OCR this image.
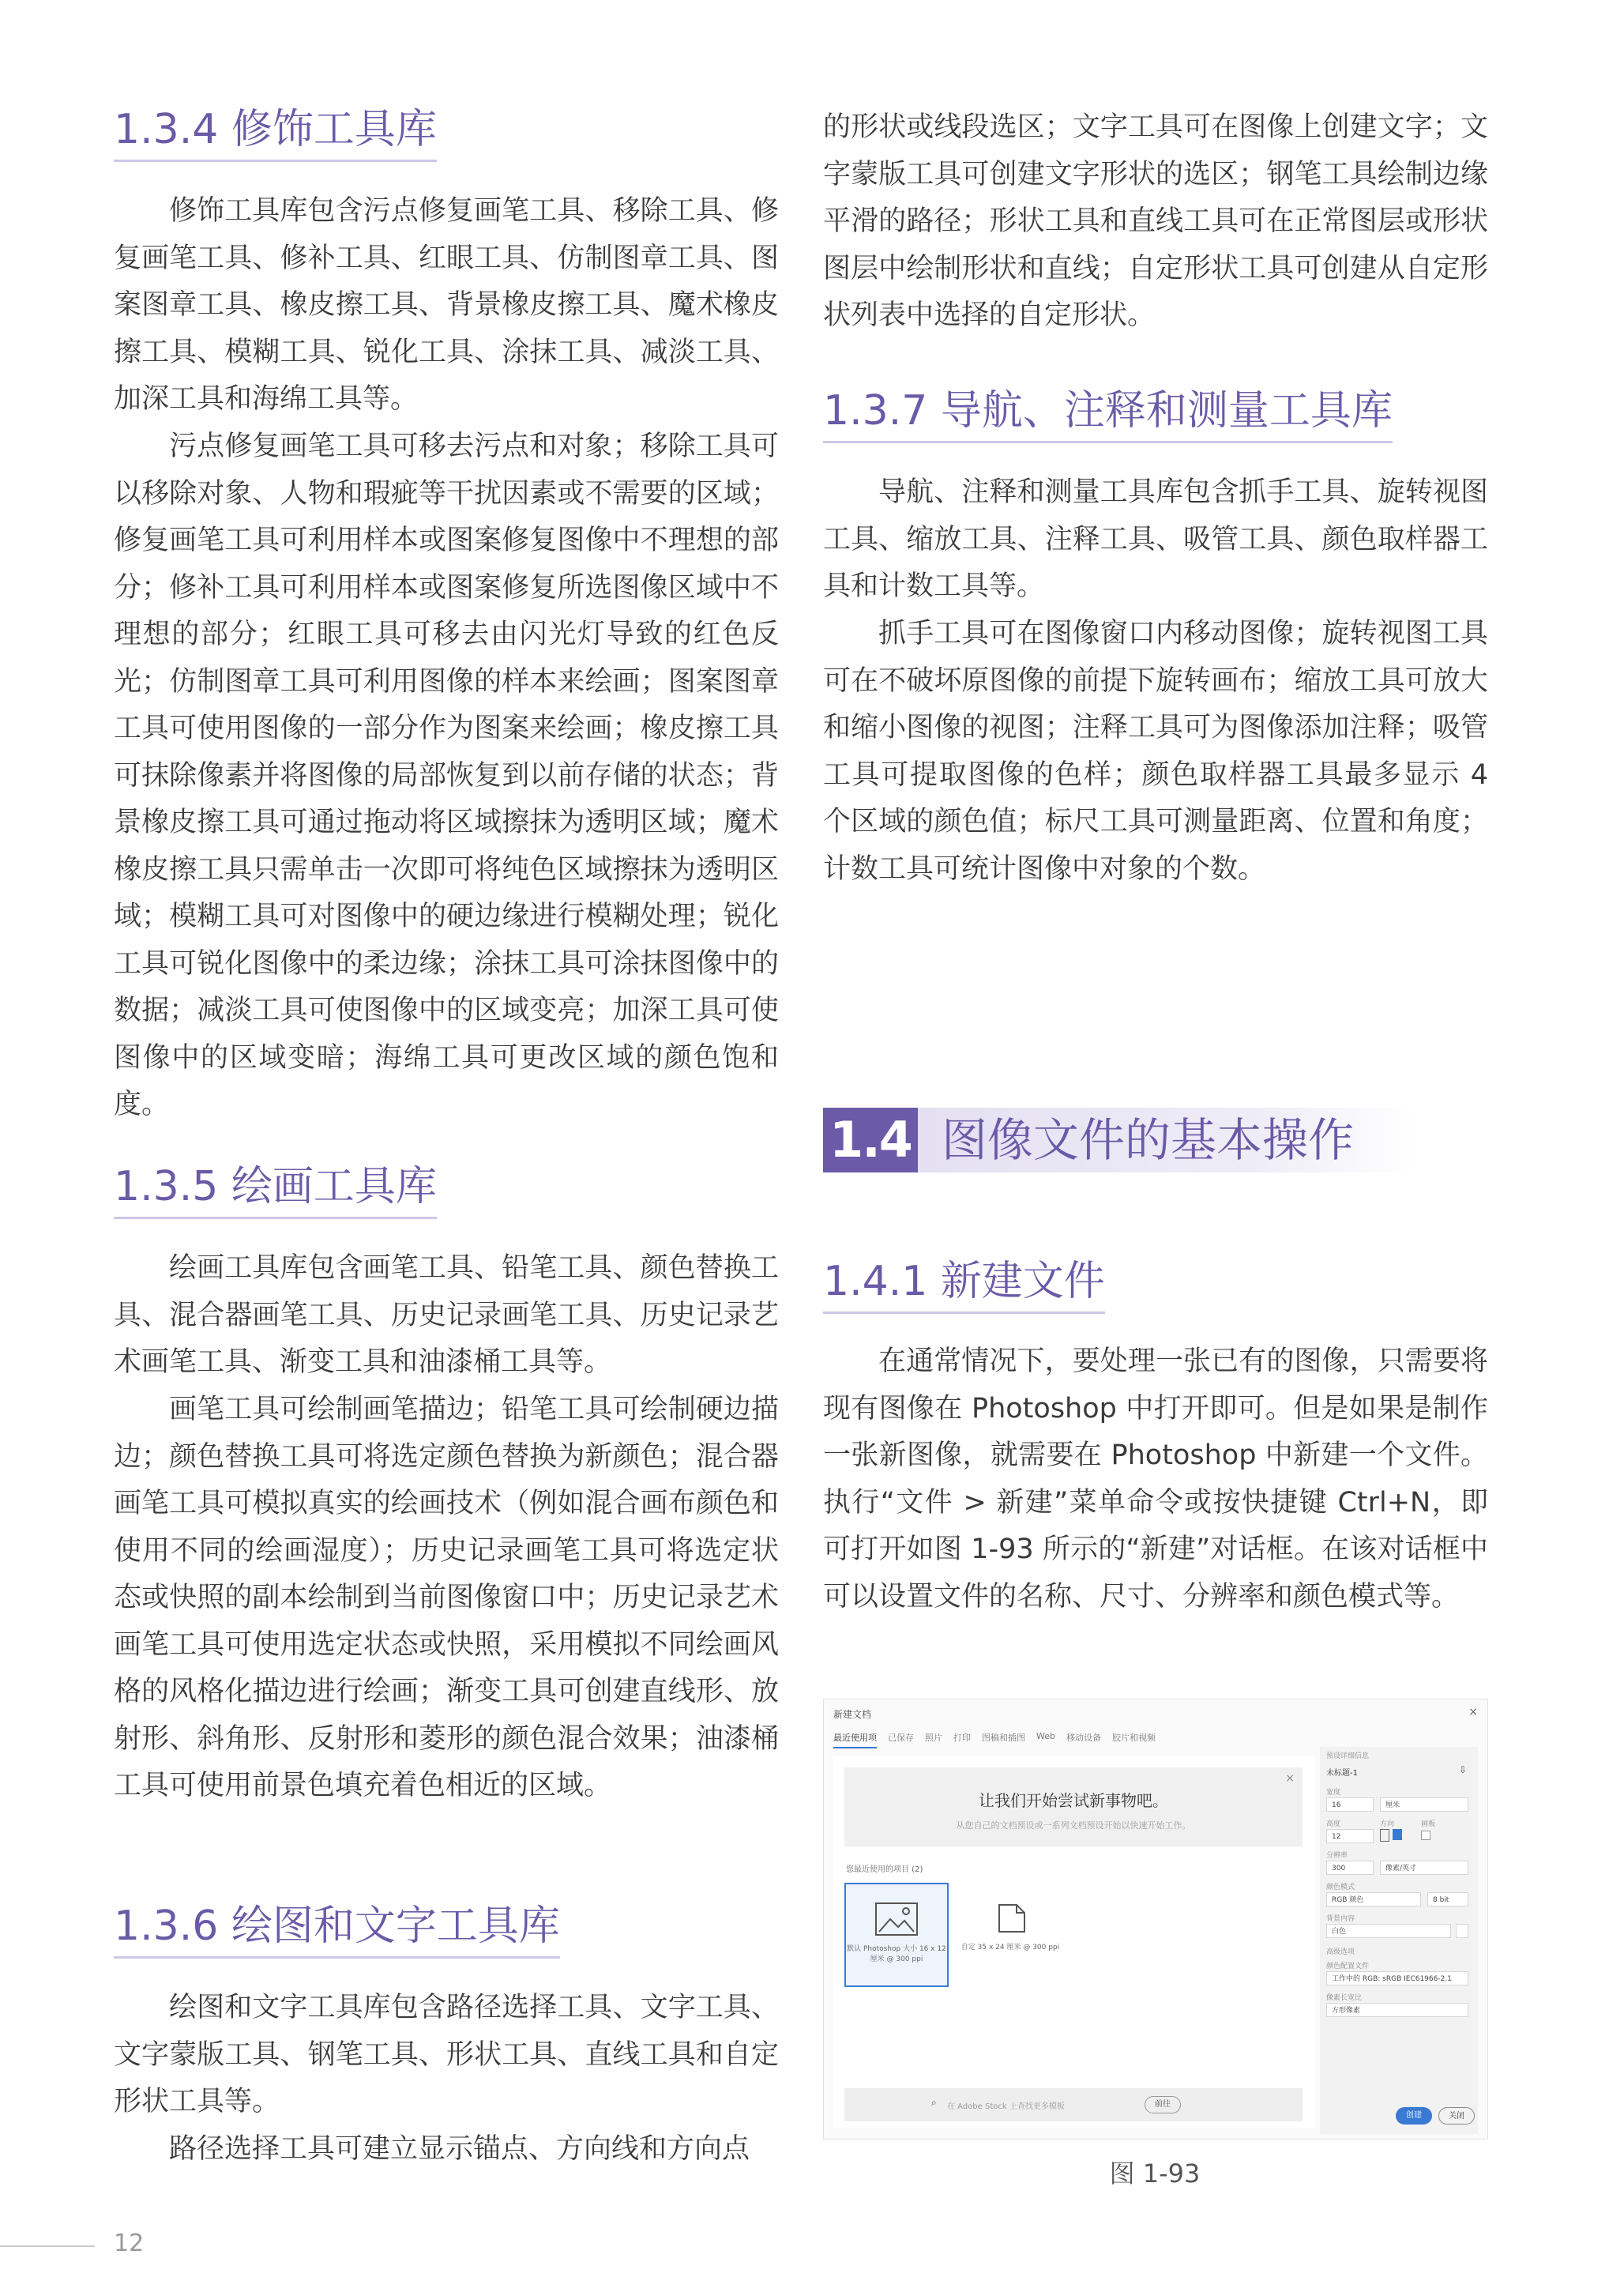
1.3.4 修饰工具库

修饰工具库包含污点修复画笔工具、移除工具、修复画笔工具、修补工具、红眼工具、仿制图章工具、图案图章工具、橡皮擦工具、背景橡皮擦工具、魔术橡皮擦工具、模糊工具、锐化工具、涂抹工具、减淡工具、加深工具和海绵工具等。

污点修复画笔工具可移去污点和对象；移除工具可以移除对象、人物和瑕疵等干扰因素或不需要的区域；修复画笔工具可利用样本或图案修复图像中不理想的部分；修补工具可利用样本或图案修复所选图像区域中不理想的部分；红眼工具可移去由闪光灯导致的红色反光；仿制图章工具可利用图像的样本来绘画；图案图章工具可使用图像的一部分作为图案来绘画；橡皮擦工具可抹除像素并将图像的局部恢复到以前存储的状态；背景橡皮擦工具可通过拖动将区域擦抹为透明区域；魔术橡皮擦工具只需单击一次即可将纯色区域擦抹为透明区域；模糊工具可对图像中的硬边缘进行模糊处理；锐化工具可锐化图像中的柔边缘；涂抹工具可涂抹图像中的数据；减淡工具可使图像中的区域变亮；加深工具可使图像中的区域变暗；海绵工具可更改区域的颜色饱和度。

1.3.5 绘画工具库

绘画工具库包含画笔工具、铅笔工具、颜色替换工具、混合器画笔工具、历史记录画笔工具、历史记录艺术画笔工具、渐变工具和油漆桶工具等。

画笔工具可绘制画笔描边；铅笔工具可绘制硬边描边；颜色替换工具可将选定颜色替换为新颜色；混合器画笔工具可模拟真实的绘画技术（例如混合画布颜色和使用不同的绘画湿度）；历史记录画笔工具可将选定状态或快照的副本绘制到当前图像窗口中；历史记录艺术画笔工具可使用选定状态或快照，采用模拟不同绘画风格的风格化描边进行绘画；渐变工具可创建直线形、放射形、斜角形、反射形和菱形的颜色混合效果；油漆桶工具可使用前景色填充着色相近的区域。

1.3.6 绘图和文字工具库

绘图和文字工具库包含路径选择工具、文字工具、文字蒙版工具、钢笔工具、形状工具、直线工具和自定形状工具等。

路径选择工具可建立显示锚点、方向线和方向点

的形状或线段选区；文字工具可在图像上创建文字；文字蒙版工具可创建文字形状的选区；钢笔工具绘制边缘平滑的路径；形状工具和直线工具可在正常图层或形状图层中绘制形状和直线；自定形状工具可创建从自定形状列表中选择的自定形状。

1.3.7 导航、注释和测量工具库

导航、注释和测量工具库包含抓手工具、旋转视图工具、缩放工具、注释工具、吸管工具、颜色取样器工具和计数工具等。

抓手工具可在图像窗口内移动图像；旋转视图工具可在不破坏原图像的前提下旋转画布；缩放工具可放大和缩小图像的视图；注释工具可为图像添加注释；吸管工具可提取图像的色样；颜色取样器工具最多显示 4 个区域的颜色值；标尺工具可测量距离、位置和角度；计数工具可统计图像中对象的个数。

1.4 图像文件的基本操作
1.4.1 新建文件

在通常情况下，要处理一张已有的图像，只需要将现有图像在 Photoshop 中打开即可。但是如果是制作一张新图像，就需要在 Photoshop 中新建一个文件。执行“文件 > 新建”菜单命令或按快捷键 Ctrl+N，即可打开如图 1-93 所示的“新建”对话框。在该对话框中可以设置文件的名称、尺寸、分辨率和颜色模式等。

新建文档	×
最近使用项 已保存 照片 打印 图稿和插图 Web 移动设备 胶片和视频
×
让我们开始尝试新事物吧。
从您自己的文档预设或一系列文档预设开始以快速开始工作。
您最近使用的项目 (2)
默认 Photoshop 大小 16 x 12 厘米 @ 300 ppi
自定 35 x 24 厘米 @ 300 ppi
⌕ 在 Adobe Stock 上查找更多模板	前往
预设详细信息
未标题-1	⇩
宽度
16	厘米
高度	方向	画板
12
分辨率
300	像素/英寸
颜色模式
RGB 颜色	8 bit
背景内容
白色
高级选项
颜色配置文件
工作中的 RGB: sRGB IEC61966-2.1
像素长宽比
方形像素
创建	关闭
图 1-93
12
